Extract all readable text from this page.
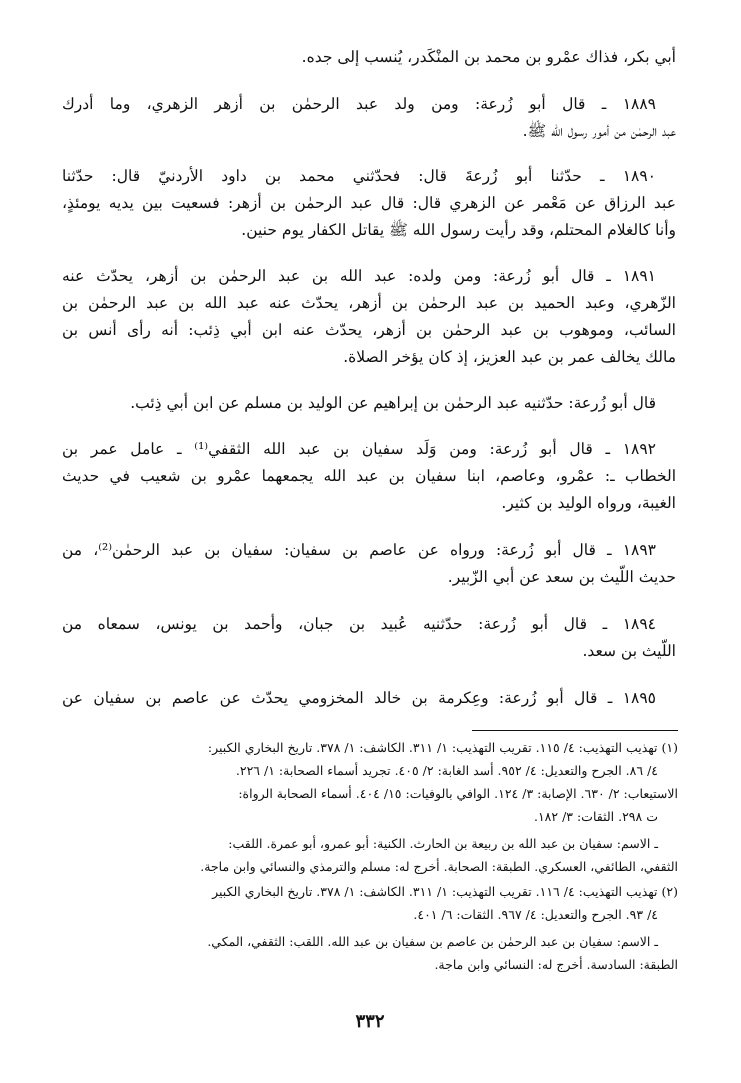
أبي بكر، فذاك عمْرو بن محمد بن المنْكَدر، يُنسب إلى جده.
١٨٨٩ ـ قال أبو زُرعة: ومن ولد عبد الرحمٰن بن أزهر الزهري، وما أدرك
عبد الرحمٰن من أمور رسول الله ﷺ.
١٨٩٠ ـ حدّثنا أبو زُرعةَ قال: فحدّثني محمد بن داود الأردنيّ قال: حدّثنا
عبد الرزاق عن مَعْمر عن الزهري قال: قال عبد الرحمٰن بن أزهر: فسعيت بين يديه يومئذٍ،
وأنا كالغلام المحتلم، وقد رأيت رسول الله ﷺ يقاتل الكفار يوم حنين.
١٨٩١ ـ قال أبو زُرعة: ومن ولده: عبد الله بن عبد الرحمٰن بن أزهر، يحدّث عنه
الزّهري، وعبد الحميد بن عبد الرحمٰن بن أزهر، يحدّث عنه عبد الله بن عبد الرحمٰن بن
السائب، وموهوب بن عبد الرحمٰن بن أزهر، يحدّث عنه ابن أبي ذِئب: أنه رأى أنس بن
مالك يخالف عمر بن عبد العزيز، إذ كان يؤخر الصلاة.
قال أبو زُرعة: حدّثنيه عبد الرحمٰن بن إبراهيم عن الوليد بن مسلم عن ابن أبي ذِئب.
١٨٩٢ ـ قال أبو زُرعة: ومن وَلَد سفيان بن عبد الله الثقفي⁽¹⁾ ـ عامل عمر بن
الخطاب ـ: عمْرو، وعاصم، ابنا سفيان بن عبد الله يجمعهما عمْرو بن شعيب في حديث
الغيبة، ورواه الوليد بن كثير.
١٨٩٣ ـ قال أبو زُرعة: ورواه عن عاصم بن سفيان: سفيان بن عبد الرحمٰن⁽²⁾، من
حديث اللّيث بن سعد عن أبي الزّبير.
١٨٩٤ ـ قال أبو زُرعة: حدّثنيه عُبيد بن جبان، وأحمد بن يونس، سمعاه من
اللّيث بن سعد.
١٨٩٥ ـ قال أبو زُرعة: وعِكرمة بن خالد المخزومي يحدّث عن عاصم بن سفيان عن
(١) تهذيب التهذيب: ٤/ ١١٥. تقريب التهذيب: ١/ ٣١١. الكاشف: ١/ ٣٧٨. تاريخ البخاري الكبير:
٤/ ٨٦. الجرح والتعديل: ٤/ ٩٥٢. أسد الغابة: ٢/ ٤٠٥. تجريد أسماء الصحابة: ١/ ٢٢٦.
الاستيعاب: ٢/ ٦٣٠. الإصابة: ٣/ ١٢٤. الوافي بالوفيات: ١٥/ ٤٠٤. أسماء الصحابة الرواة:
ت ٢٩٨. الثقات: ٣/ ١٨٢.
ـ الاسم: سفيان بن عبد الله بن ربيعة بن الحارث. الكنية: أبو عمرو، أبو عمرة. اللقب:
الثقفي، الطائفي، العسكري. الطبقة: الصحابة. أخرج له: مسلم والترمذي والنسائي وابن ماجة.
(٢) تهذيب التهذيب: ٤/ ١١٦. تقريب التهذيب: ١/ ٣١١. الكاشف: ١/ ٣٧٨. تاريخ البخاري الكبير
٤/ ٩٣. الجرح والتعديل: ٤/ ٩٦٧. الثقات: ٦/ ٤٠١.
ـ الاسم: سفيان بن عبد الرحمٰن بن عاصم بن سفيان بن عبد الله. اللقب: الثقفي، المكي.
الطبقة: السادسة. أخرج له: النسائي وابن ماجة.
٣٣٢
